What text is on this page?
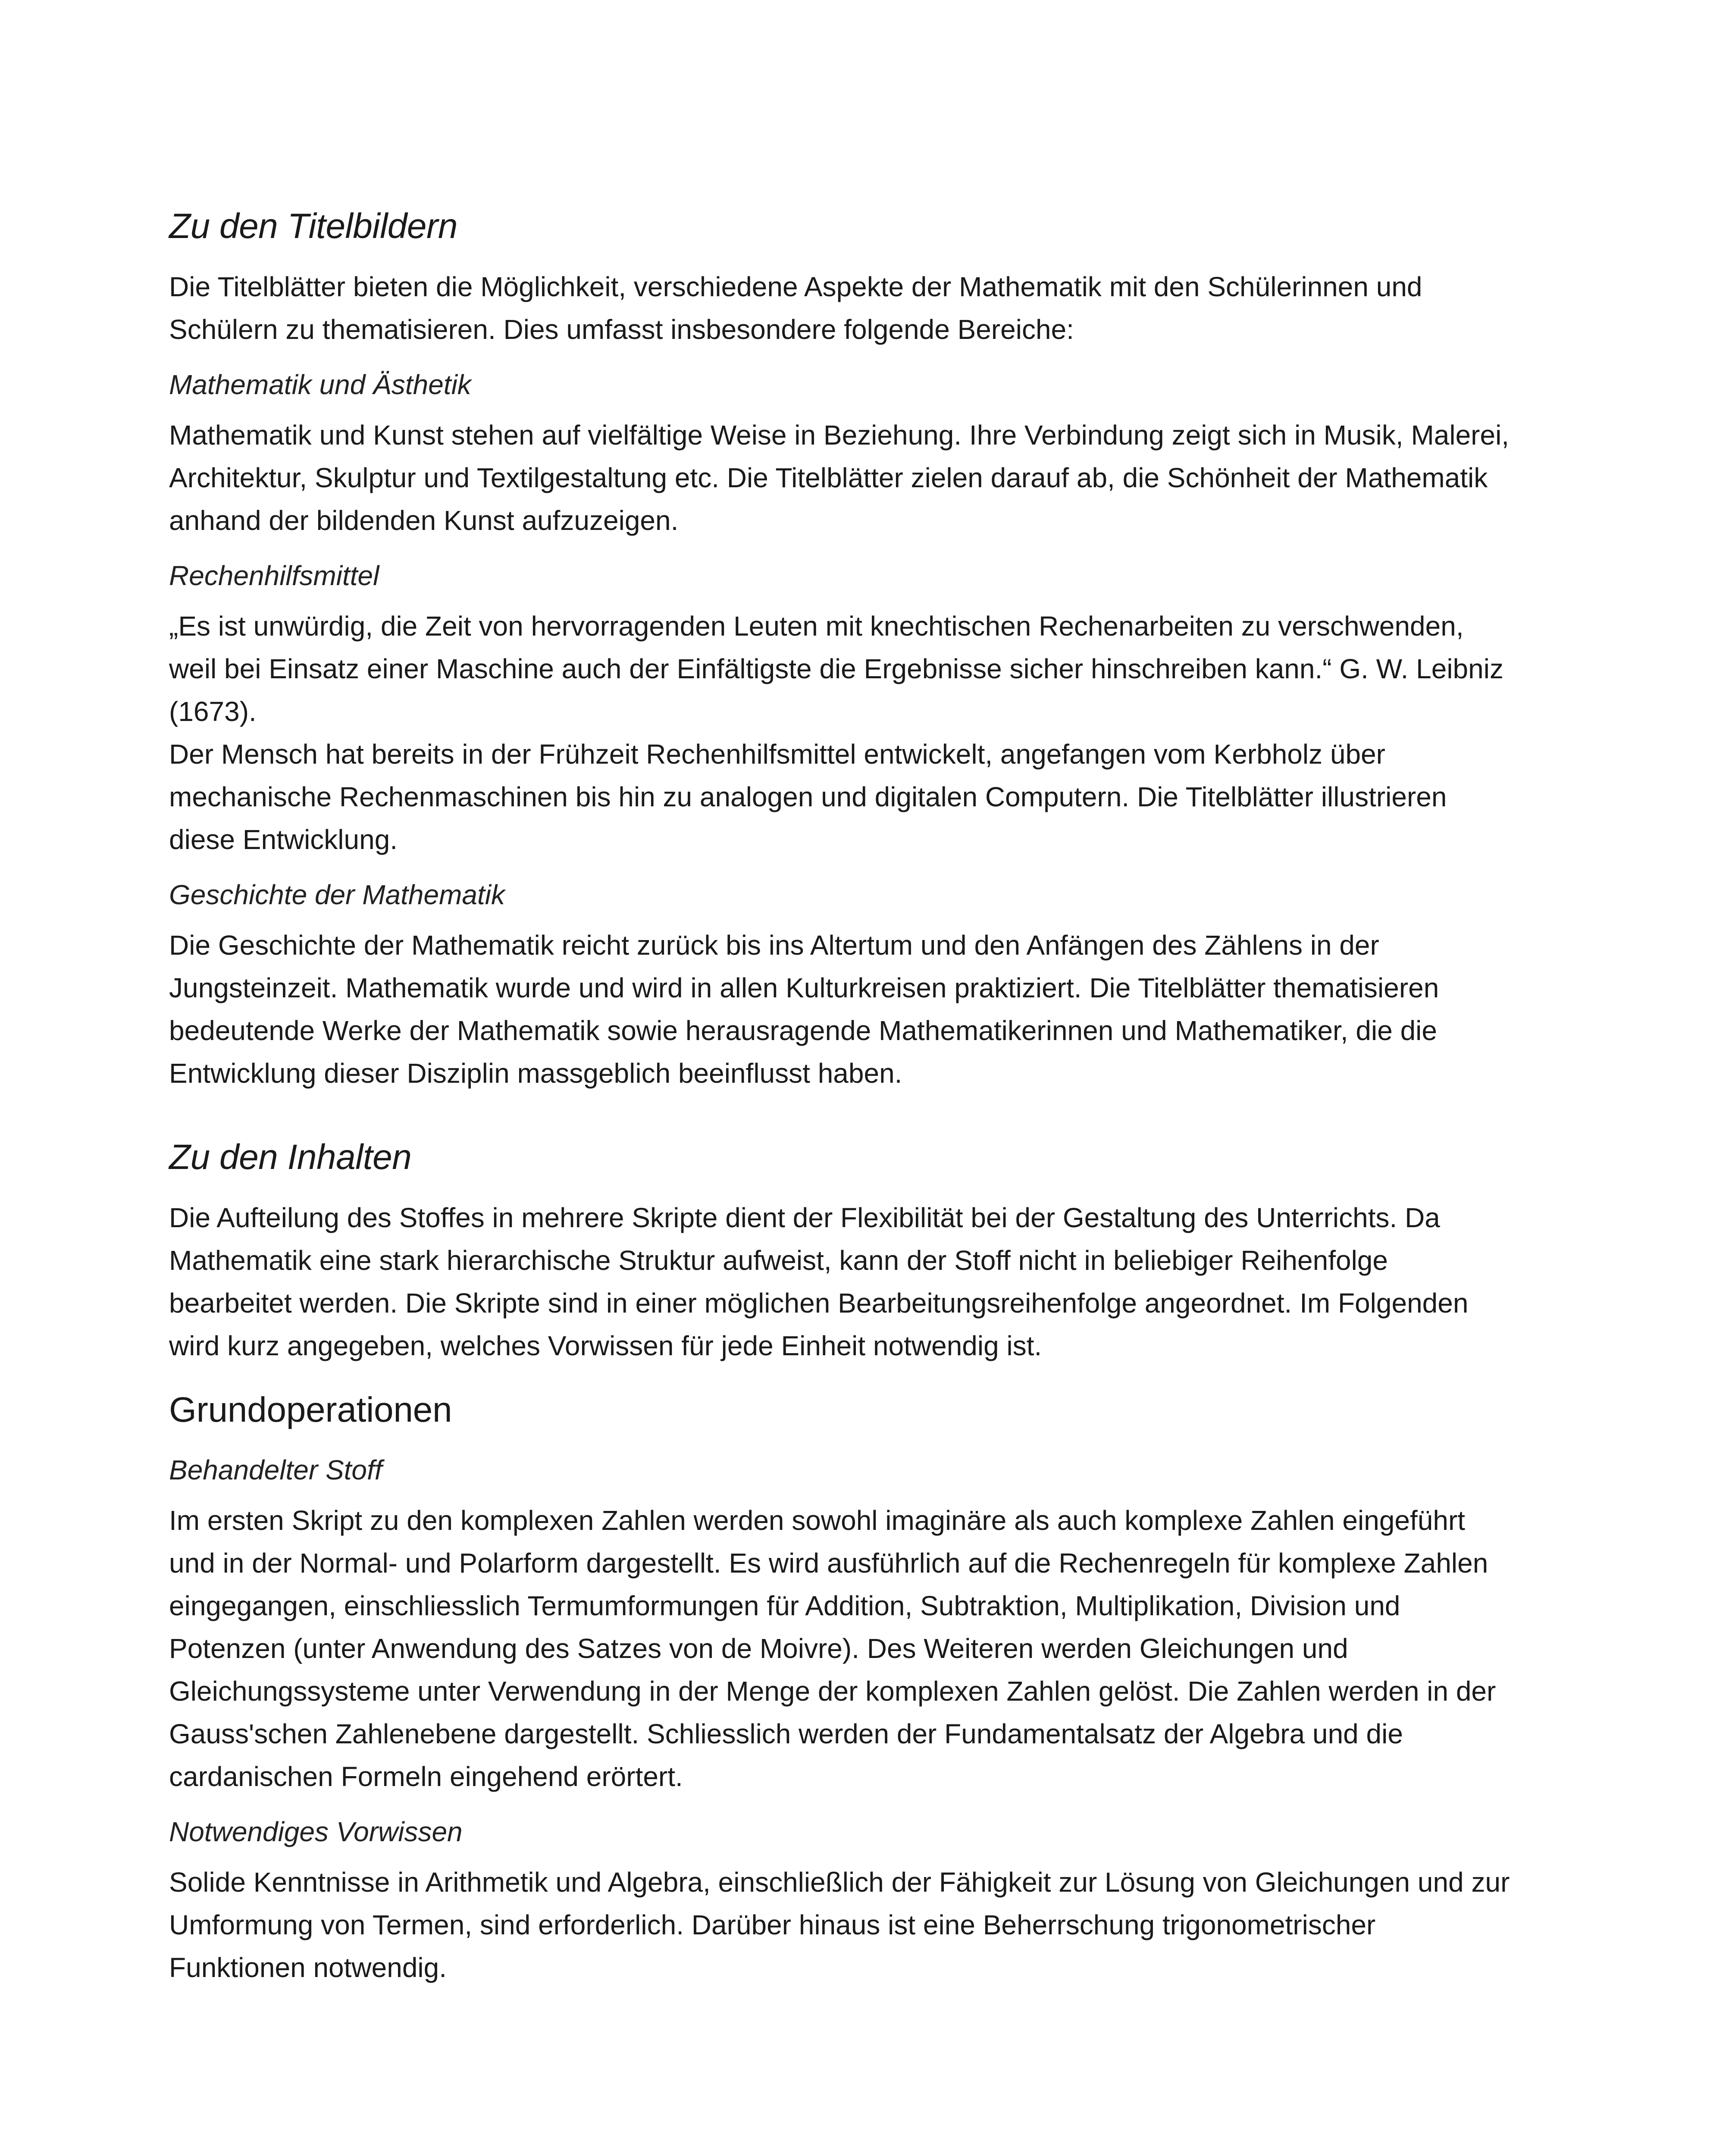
Zu den Titelbildern

Die Titelblätter bieten die Möglichkeit, verschiedene Aspekte der Mathematik mit den Schülerinnen und Schülern zu thematisieren. Dies umfasst insbesondere folgende Bereiche:

Mathematik und Ästhetik

Mathematik und Kunst stehen auf vielfältige Weise in Beziehung. Ihre Verbindung zeigt sich in Musik, Malerei, Architektur, Skulptur und Textilgestaltung etc. Die Titelblätter zielen darauf ab, die Schönheit der Mathematik anhand der bildenden Kunst aufzuzeigen.

Rechenhilfsmittel

„Es ist unwürdig, die Zeit von hervorragenden Leuten mit knechtischen Rechenarbeiten zu verschwenden, weil bei Einsatz einer Maschine auch der Einfältigste die Ergebnisse sicher hinschreiben kann.“ G. W. Leibniz (1673).

Der Mensch hat bereits in der Frühzeit Rechenhilfsmittel entwickelt, angefangen vom Kerbholz über mechanische Rechenmaschinen bis hin zu analogen und digitalen Computern. Die Titelblätter illustrieren diese Entwicklung.

Geschichte der Mathematik

Die Geschichte der Mathematik reicht zurück bis ins Altertum und den Anfängen des Zählens in der Jungsteinzeit. Mathematik wurde und wird in allen Kulturkreisen praktiziert. Die Titelblätter thematisieren bedeutende Werke der Mathematik sowie herausragende Mathematikerinnen und Mathematiker, die die Entwicklung dieser Disziplin massgeblich beeinflusst haben.

Zu den Inhalten

Die Aufteilung des Stoffes in mehrere Skripte dient der Flexibilität bei der Gestaltung des Unterrichts. Da Mathematik eine stark hierarchische Struktur aufweist, kann der Stoff nicht in beliebiger Reihenfolge bearbeitet werden. Die Skripte sind in einer möglichen Bearbeitungsreihenfolge angeordnet. Im Folgenden wird kurz angegeben, welches Vorwissen für jede Einheit notwendig ist.

Grundoperationen
Behandelter Stoff

Im ersten Skript zu den komplexen Zahlen werden sowohl imaginäre als auch komplexe Zahlen eingeführt und in der Normal- und Polarform dargestellt. Es wird ausführlich auf die Rechenregeln für komplexe Zahlen eingegangen, einschliesslich Termumformungen für Addition, Subtraktion, Multiplikation, Division und Potenzen (unter Anwendung des Satzes von de Moivre). Des Weiteren werden Gleichungen und Gleichungssysteme unter Verwendung in der Menge der komplexen Zahlen gelöst. Die Zahlen werden in der Gauss'schen Zahlenebene dargestellt. Schliesslich werden der Fundamentalsatz der Algebra und die cardanischen Formeln eingehend erörtert.

Notwendiges Vorwissen

Solide Kenntnisse in Arithmetik und Algebra, einschließlich der Fähigkeit zur Lösung von Gleichungen und zur Umformung von Termen, sind erforderlich. Darüber hinaus ist eine Beherrschung trigonometrischer Funktionen notwendig.
